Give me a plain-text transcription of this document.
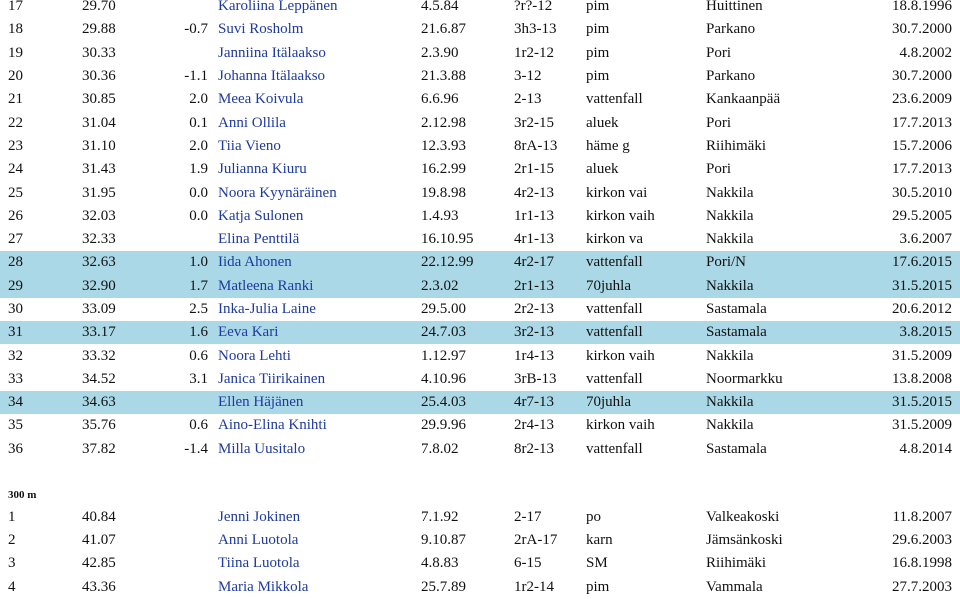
17	29.70		Karoliina Leppänen	4.5.84	?r?-12	pim	Huittinen	18.8.1996
18	29.88	-0.7	Suvi Rosholm	21.6.87	3h3-13	pim	Parkano	30.7.2000
19	30.33		Janniina Itälaakso	2.3.90	1r2-12	pim	Pori	4.8.2002
20	30.36	-1.1	Johanna Itälaakso	21.3.88	3-12	pim	Parkano	30.7.2000
21	30.85	2.0	Meea Koivula	6.6.96	2-13	vattenfall	Kankaanpää	23.6.2009
22	31.04	0.1	Anni Ollila	2.12.98	3r2-15	aluek	Pori	17.7.2013
23	31.10	2.0	Tiia Vieno	12.3.93	8rA-13	häme g	Riihimäki	15.7.2006
24	31.43	1.9	Julianna Kiuru	16.2.99	2r1-15	aluek	Pori	17.7.2013
25	31.95	0.0	Noora Kyynäräinen	19.8.98	4r2-13	kirkon vai	Nakkila	30.5.2010
26	32.03	0.0	Katja Sulonen	1.4.93	1r1-13	kirkon vaih	Nakkila	29.5.2005
27	32.33		Elina Penttilä	16.10.95	4r1-13	kirkon va	Nakkila	3.6.2007
28	32.63	1.0	Iida Ahonen	22.12.99	4r2-17	vattenfall	Pori/N	17.6.2015
29	32.90	1.7	Matleena Ranki	2.3.02	2r1-13	70juhla	Nakkila	31.5.2015
30	33.09	2.5	Inka-Julia Laine	29.5.00	2r2-13	vattenfall	Sastamala	20.6.2012
31	33.17	1.6	Eeva Kari	24.7.03	3r2-13	vattenfall	Sastamala	3.8.2015
32	33.32	0.6	Noora Lehti	1.12.97	1r4-13	kirkon vaih	Nakkila	31.5.2009
33	34.52	3.1	Janica Tiirikainen	4.10.96	3rB-13	vattenfall	Noormarkku	13.8.2008
34	34.63		Ellen Häjänen	25.4.03	4r7-13	70juhla	Nakkila	31.5.2015
35	35.76	0.6	Aino-Elina Knihti	29.9.96	2r4-13	kirkon vaih	Nakkila	31.5.2009
36	37.82	-1.4	Milla Uusitalo	7.8.02	8r2-13	vattenfall	Sastamala	4.8.2014
300 m
1	40.84		Jenni Jokinen	7.1.92	2-17	po	Valkeakoski	11.8.2007
2	41.07		Anni Luotola	9.10.87	2rA-17	karn	Jämsänkoski	29.6.2003
3	42.85		Tiina Luotola	4.8.83	6-15	SM	Riihimäki	16.8.1998
4	43.36		Maria Mikkola	25.7.89	1r2-14	pim	Vammala	27.7.2003
